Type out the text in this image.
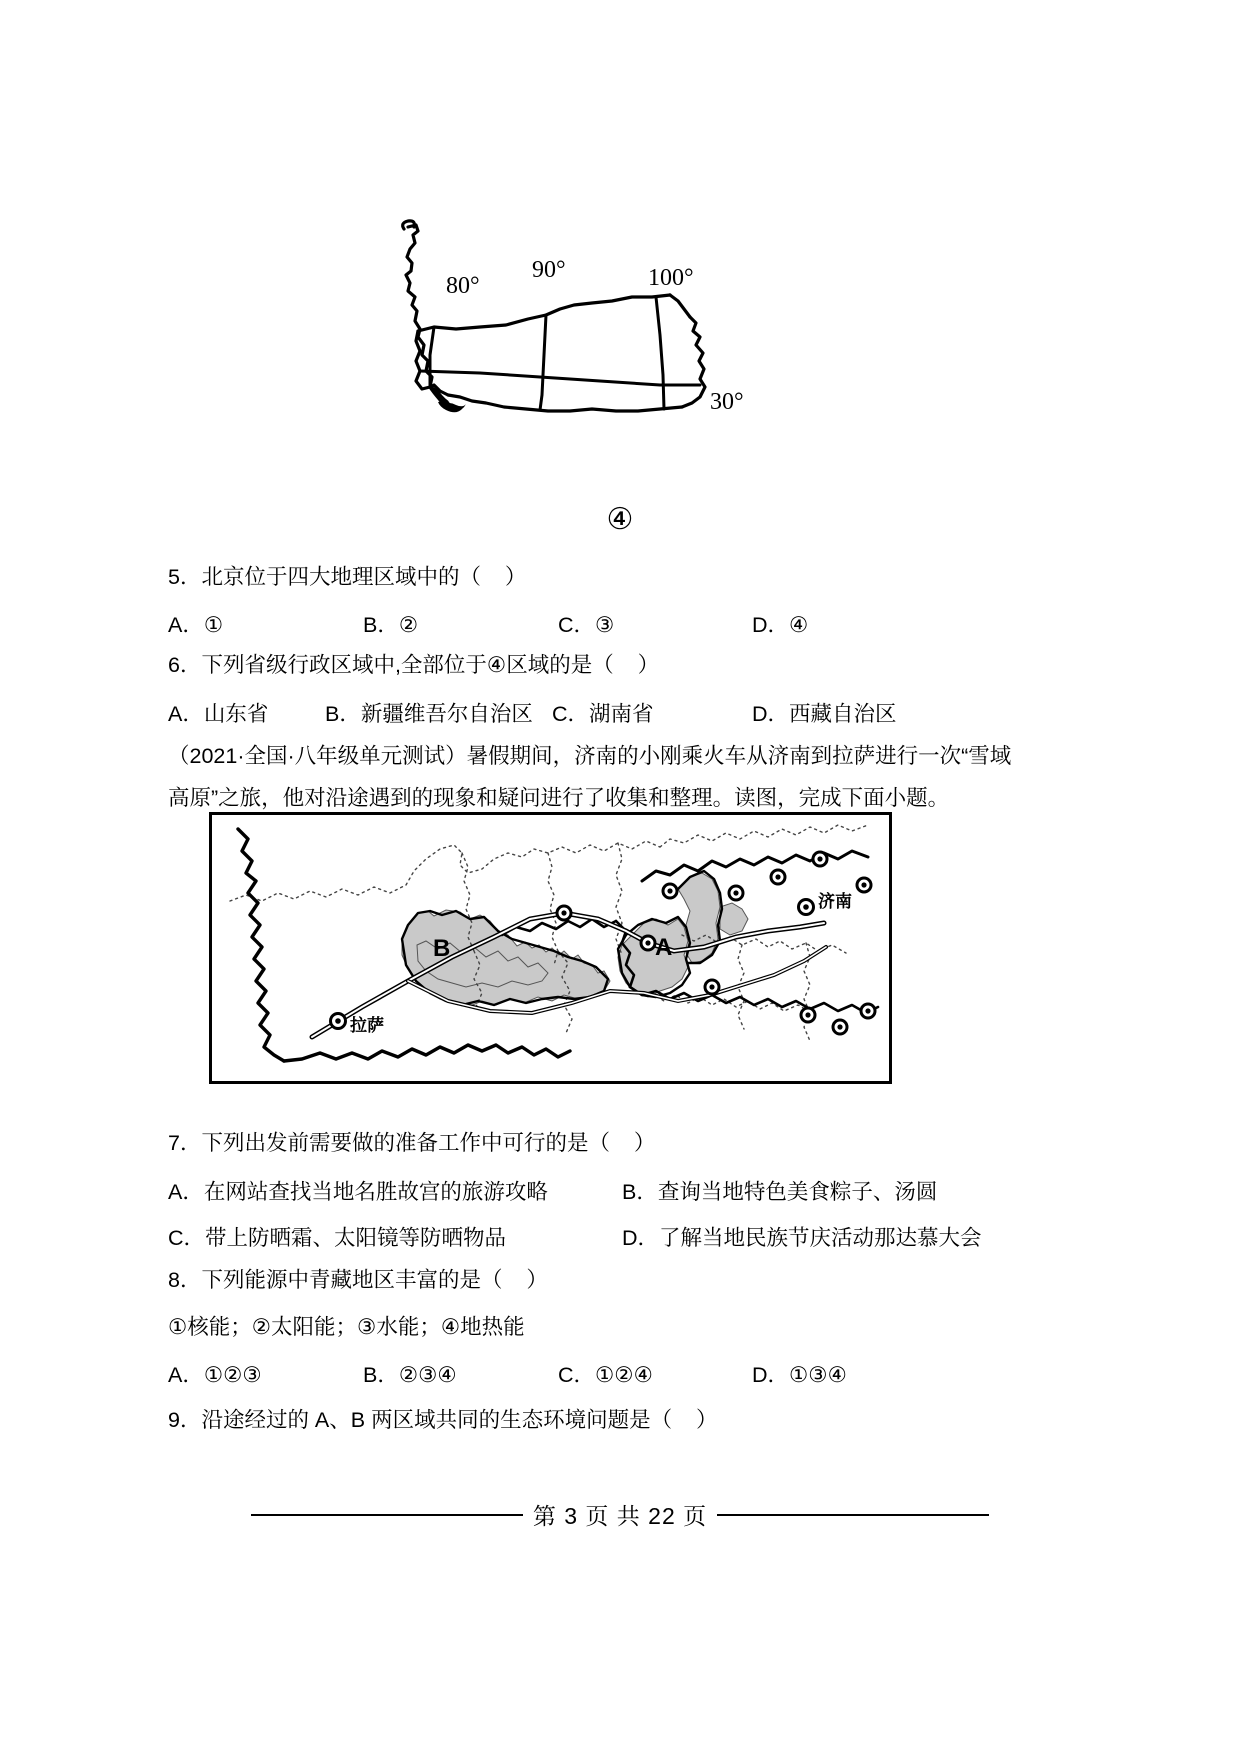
80°
90°	100°
30°
④
5．北京位于四大地理区域中的（    ）
A．①	B．②	C．③	D．④
6．下列省级行政区域中,全部位于④区域的是（    ）
A．山东省	B．新疆维吾尔自治区 C．湖南省	D．西藏自治区
（2021·全国·八年级单元测试）暑假期间，济南的小刚乘火车从济南到拉萨进行一次“雪域
高原”之旅，他对沿途遇到的现象和疑问进行了收集和整理。读图，完成下面小题。
B	A
拉萨
济南
7．下列出发前需要做的准备工作中可行的是（    ）
A．在网站查找当地名胜故宫的旅游攻略	B．查询当地特色美食粽子、汤圆
C．带上防晒霜、太阳镜等防晒物品	D．了解当地民族节庆活动那达慕大会
8．下列能源中青藏地区丰富的是（    ）
①核能；②太阳能；③水能；④地热能
A．①②③	B．②③④	C．①②④	D．①③④
9．沿途经过的 A、B 两区域共同的生态环境问题是（    ）
第 3 页 共 22 页
